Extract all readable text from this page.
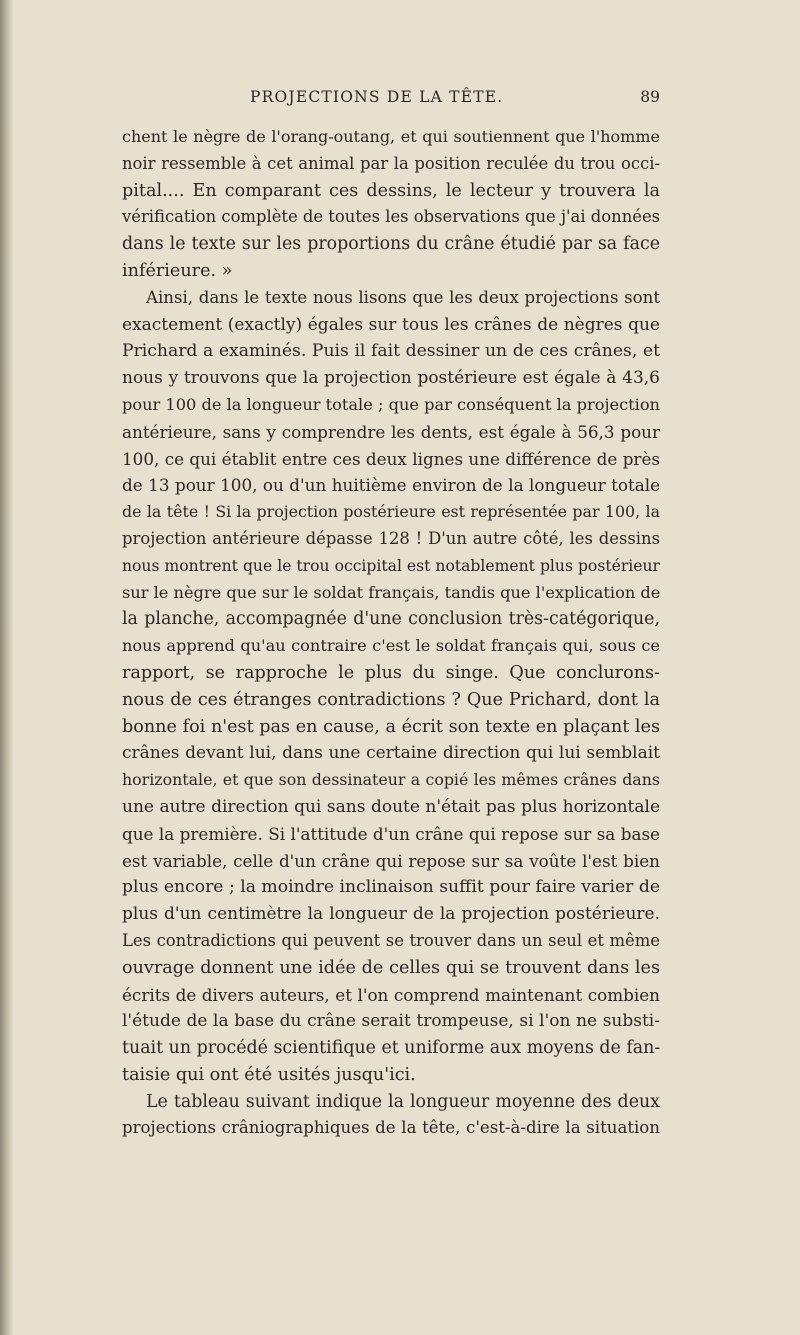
PROJECTIONS DE LA TÊTE.	89
chent le nègre de l'orang-outang, et qui soutiennent que l'homme
noir ressemble à cet animal par la position reculée du trou occi-
pital.... En comparant ces dessins, le lecteur y trouvera la
vérification complète de toutes les observations que j'ai données
dans le texte sur les proportions du crâne étudié par sa face
inférieure. »
Ainsi, dans le texte nous lisons que les deux projections sont
exactement (exactly) égales sur tous les crânes de nègres que
Prichard a examinés. Puis il fait dessiner un de ces crânes, et
nous y trouvons que la projection postérieure est égale à 43,6
pour 100 de la longueur totale ; que par conséquent la projection
antérieure, sans y comprendre les dents, est égale à 56,3 pour
100, ce qui établit entre ces deux lignes une différence de près
de 13 pour 100, ou d'un huitième environ de la longueur totale
de la tête ! Si la projection postérieure est représentée par 100, la
projection antérieure dépasse 128 ! D'un autre côté, les dessins
nous montrent que le trou occipital est notablement plus postérieur
sur le nègre que sur le soldat français, tandis que l'explication de
la planche, accompagnée d'une conclusion très-catégorique,
nous apprend qu'au contraire c'est le soldat français qui, sous ce
rapport, se rapproche le plus du singe. Que conclurons-
nous de ces étranges contradictions ? Que Prichard, dont la
bonne foi n'est pas en cause, a écrit son texte en plaçant les
crânes devant lui, dans une certaine direction qui lui semblait
horizontale, et que son dessinateur a copié les mêmes crânes dans
une autre direction qui sans doute n'était pas plus horizontale
que la première. Si l'attitude d'un crâne qui repose sur sa base
est variable, celle d'un crâne qui repose sur sa voûte l'est bien
plus encore ; la moindre inclinaison suffit pour faire varier de
plus d'un centimètre la longueur de la projection postérieure.
Les contradictions qui peuvent se trouver dans un seul et même
ouvrage donnent une idée de celles qui se trouvent dans les
écrits de divers auteurs, et l'on comprend maintenant combien
l'étude de la base du crâne serait trompeuse, si l'on ne substi-
tuait un procédé scientifique et uniforme aux moyens de fan-
taisie qui ont été usités jusqu'ici.
Le tableau suivant indique la longueur moyenne des deux
projections crâniographiques de la tête, c'est-à-dire la situation
